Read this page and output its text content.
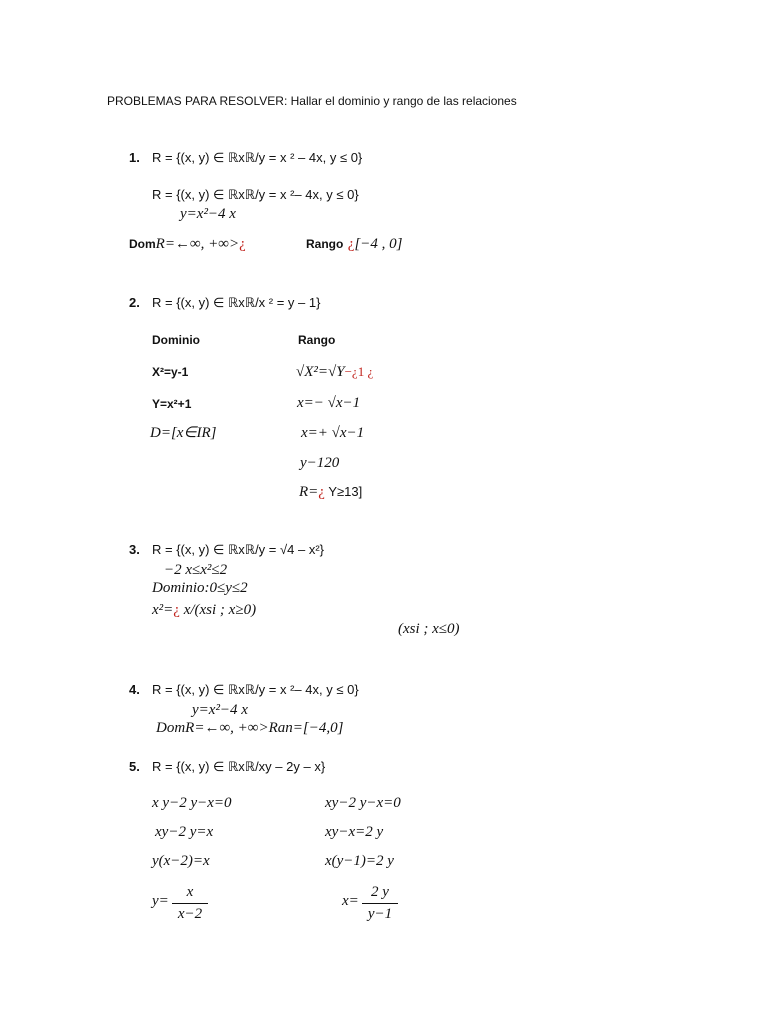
PROBLEMAS PARA RESOLVER: Hallar el dominio y rango de las relaciones
1. R = {(x, y) ∈ ℝxℝ/y = x ² – 4x, y ≤ 0}
R = {(x, y) ∈ ℝxℝ/y = x ²– 4x, y ≤ 0}
y=x²−4 x
DomR=←∞, +∞>¿	Rango ¿[−4 , 0]
2. R = {(x, y) ∈ ℝxℝ/x ² = y – 1}
Dominio	Rango
X²=y-1
Y=x²+1
D=[x∈IR]
√X²=√Y−¿1 ¿
x=− √x−1
x=+ √x−1
y−120
R=¿ Y≥13]
3. R = {(x, y) ∈ ℝxℝ/y = √4 – x²}
−2 x≤x²≤2
Dominio:0≤y≤2
x²=¿ x/(xsi ; x≥0)
(xsi ; x≤0)
4. R = {(x, y) ∈ ℝxℝ/y = x ²– 4x, y ≤ 0}
y=x²−4 x
DomR=←∞, +∞>Ran=[−4,0]
5. R = {(x, y) ∈ ℝxℝ/xy – 2y – x}
x y−2 y−x=0
xy−2 y=x
y(x−2)=x
y=
x
x−2
xy−2 y−x=0
xy−x=2 y
x(y−1)=2 y
x=
2 y
y−1
